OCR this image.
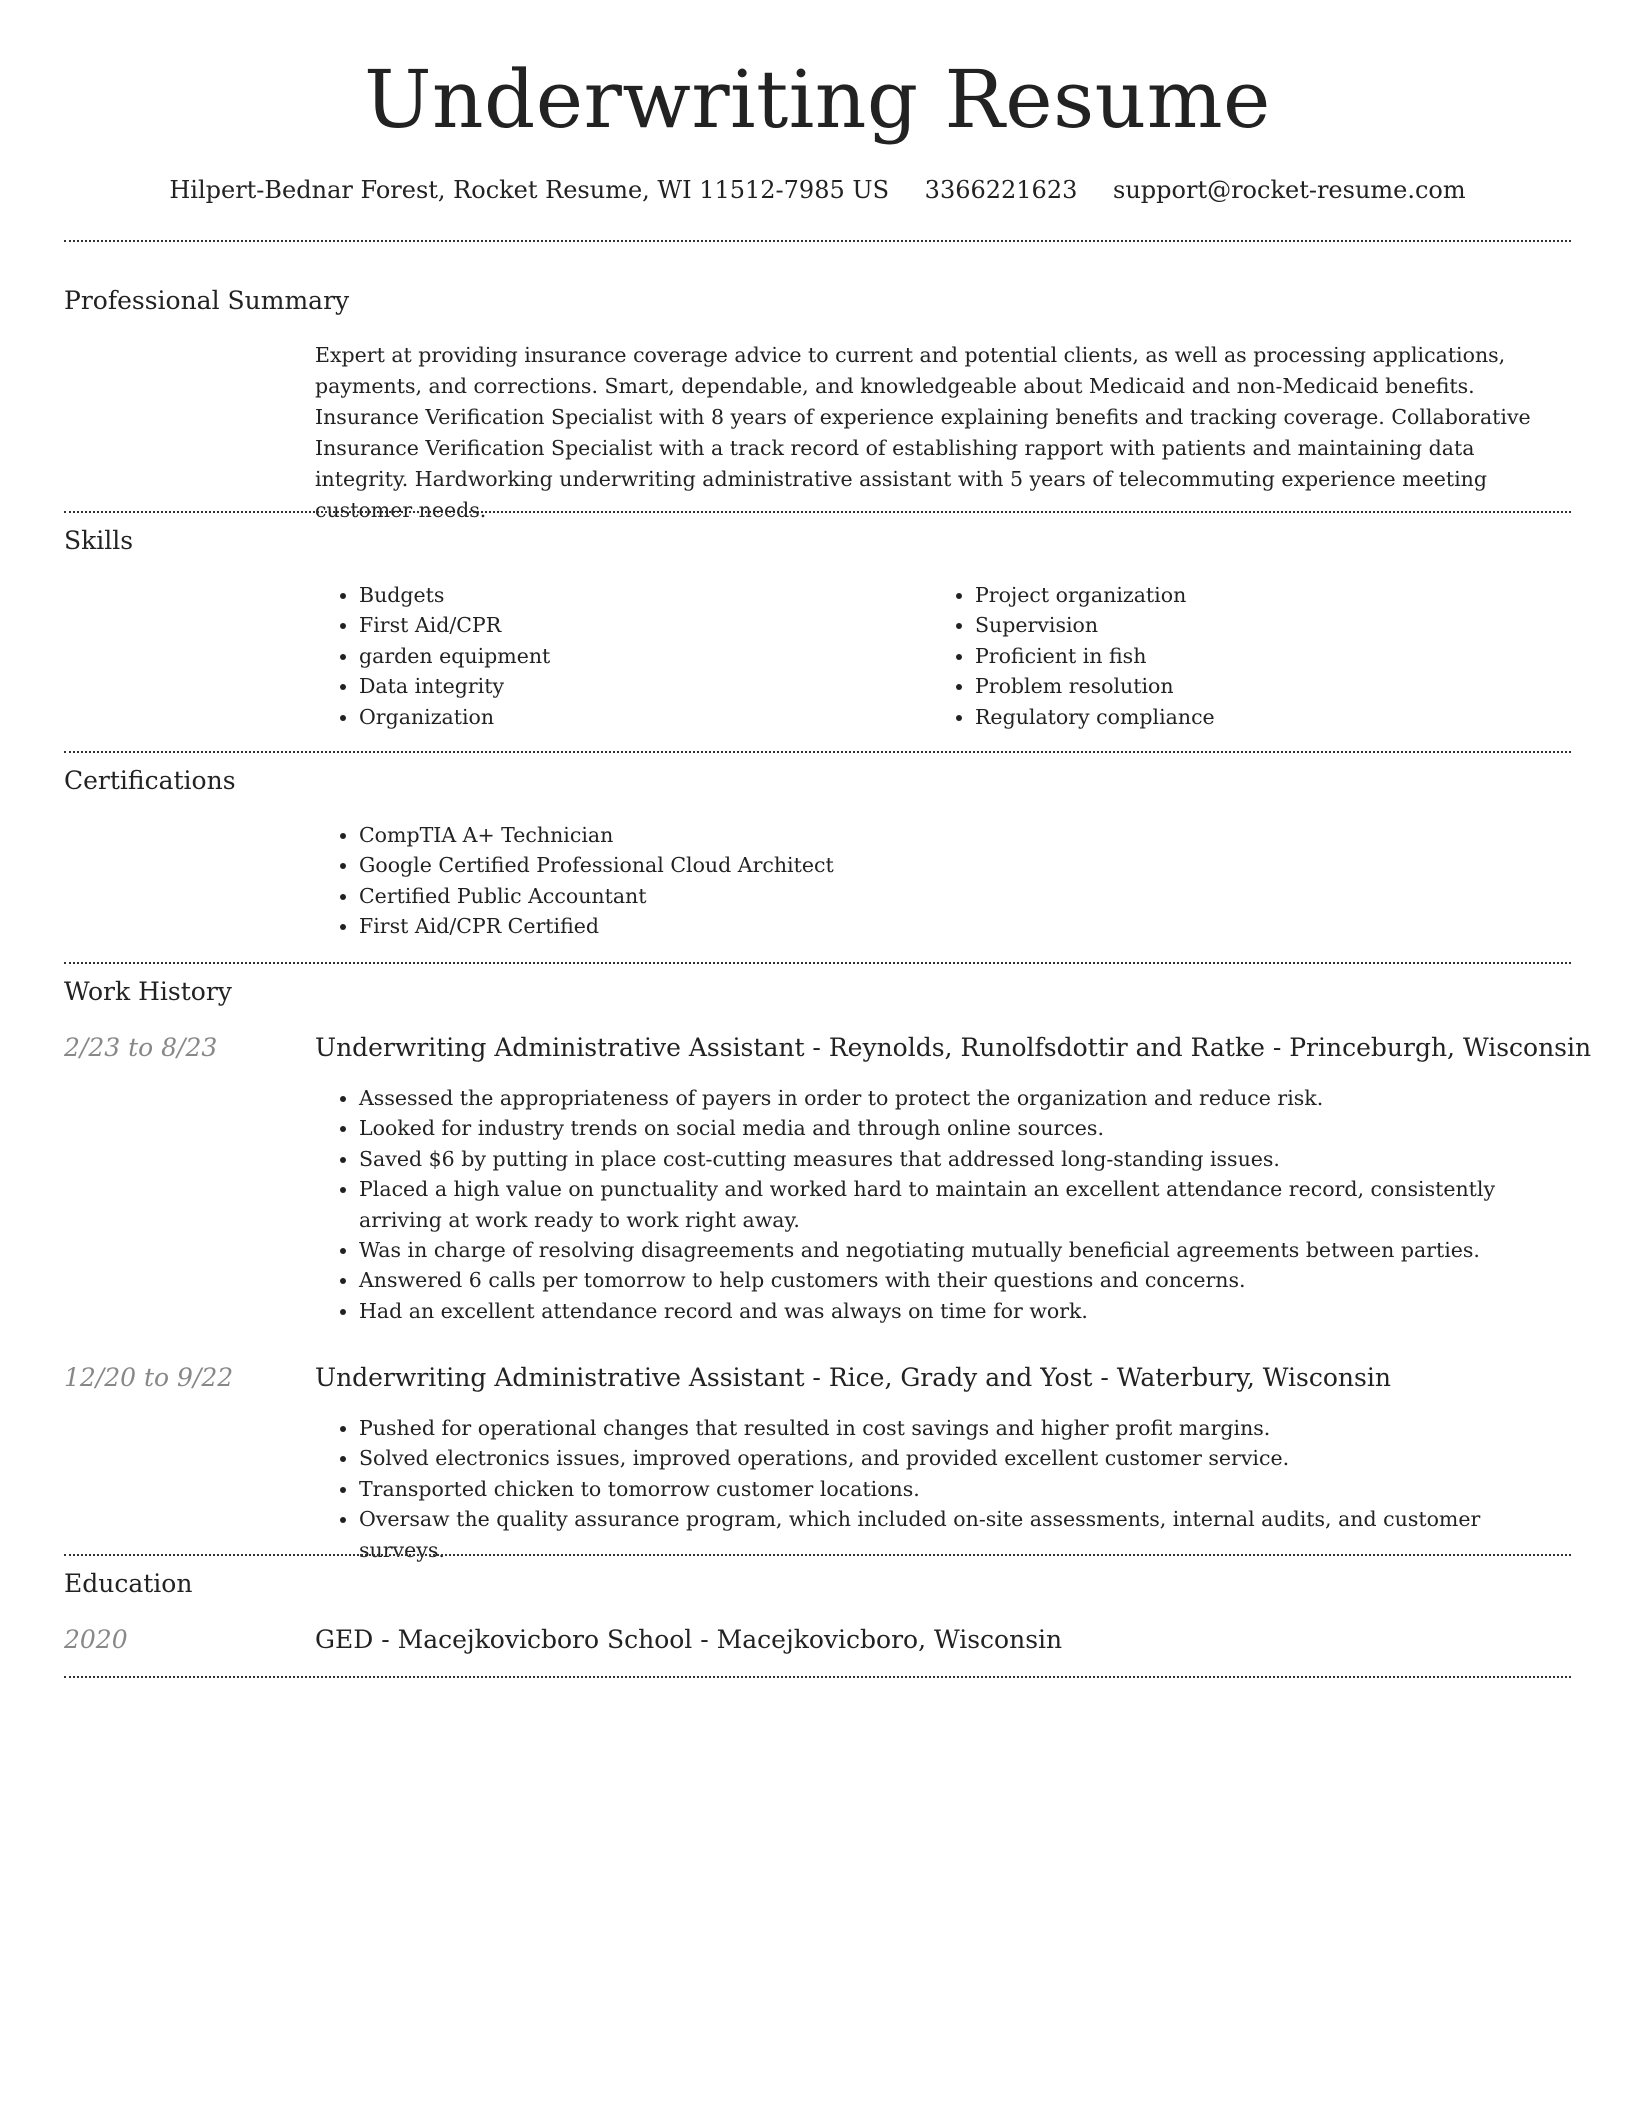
Underwriting Resume
Hilpert-Bednar Forest, Rocket Resume, WI 11512-7985 US 3366221623 support@rocket-resume.com
Professional Summary
Expert at providing insurance coverage advice to current and potential clients, as well as processing applications, payments, and corrections. Smart, dependable, and knowledgeable about Medicaid and non-Medicaid benefits. Insurance Verification Specialist with 8 years of experience explaining benefits and tracking coverage. Collaborative Insurance Verification Specialist with a track record of establishing rapport with patients and maintaining data integrity. Hardworking underwriting administrative assistant with 5 years of telecommuting experience meeting customer needs.
Skills
• Budgets
• First Aid/CPR
• garden equipment
• Data integrity
• Organization
• Project organization
• Supervision
• Proficient in fish
• Problem resolution
• Regulatory compliance
Certifications
• CompTIA A+ Technician
• Google Certified Professional Cloud Architect
• Certified Public Accountant
• First Aid/CPR Certified
Work History
2/23 to 8/23	Underwriting Administrative Assistant - Reynolds, Runolfsdottir and Ratke - Princeburgh, Wisconsin
• Assessed the appropriateness of payers in order to protect the organization and reduce risk.
• Looked for industry trends on social media and through online sources.
• Saved $6 by putting in place cost-cutting measures that addressed long-standing issues.
• Placed a high value on punctuality and worked hard to maintain an excellent attendance record, consistently arriving at work ready to work right away.
• Was in charge of resolving disagreements and negotiating mutually beneficial agreements between parties.
• Answered 6 calls per tomorrow to help customers with their questions and concerns.
• Had an excellent attendance record and was always on time for work.
12/20 to 9/22	Underwriting Administrative Assistant - Rice, Grady and Yost - Waterbury, Wisconsin
• Pushed for operational changes that resulted in cost savings and higher profit margins.
• Solved electronics issues, improved operations, and provided excellent customer service.
• Transported chicken to tomorrow customer locations.
• Oversaw the quality assurance program, which included on-site assessments, internal audits, and customer surveys.
Education
2020	GED - Macejkovicboro School - Macejkovicboro, Wisconsin
